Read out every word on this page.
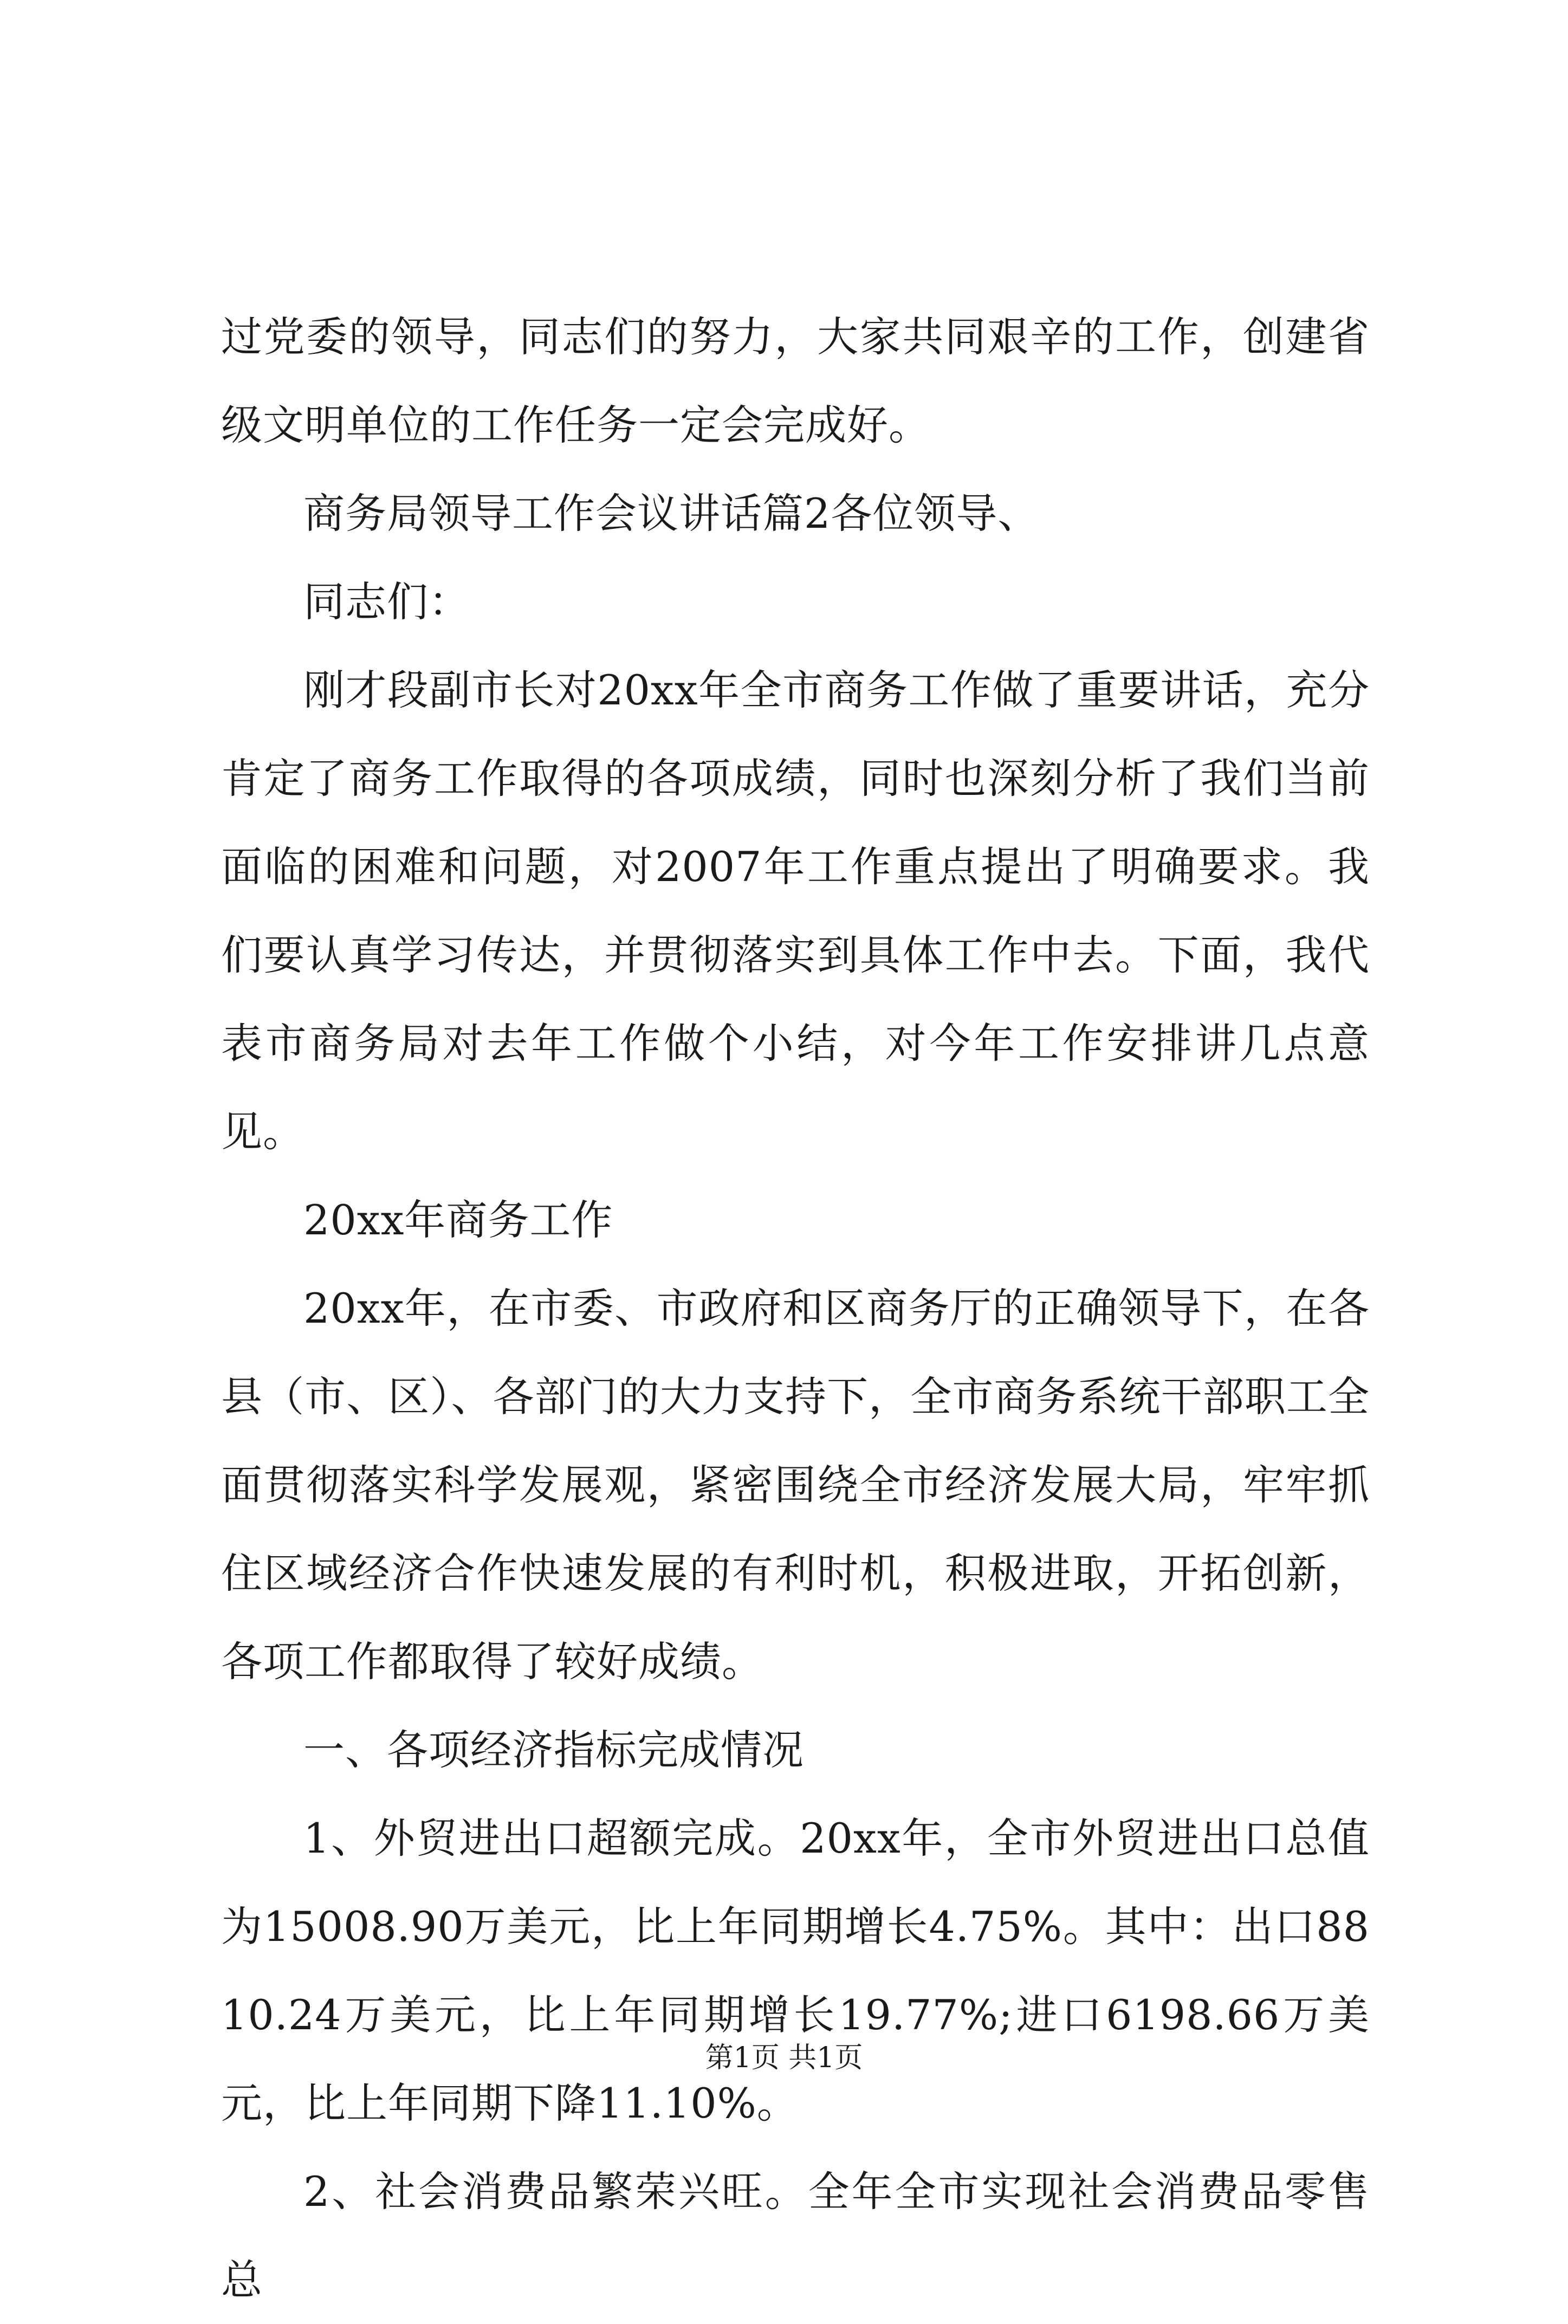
过党委的领导，同志们的努力，大家共同艰辛的工作，创建省级文明单位的工作任务一定会完成好。

商务局领导工作会议讲话篇2各位领导、

同志们：

刚才段副市长对20xx年全市商务工作做了重要讲话，充分肯定了商务工作取得的各项成绩，同时也深刻分析了我们当前面临的困难和问题，对2007年工作重点提出了明确要求。我们要认真学习传达，并贯彻落实到具体工作中去。下面，我代表市商务局对去年工作做个小结，对今年工作安排讲几点意见。

20xx年商务工作

20xx年，在市委、市政府和区商务厅的正确领导下，在各县（市、区）、各部门的大力支持下，全市商务系统干部职工全面贯彻落实科学发展观，紧密围绕全市经济发展大局，牢牢抓住区域经济合作快速发展的有利时机，积极进取，开拓创新，各项工作都取得了较好成绩。

一、各项经济指标完成情况

1、外贸进出口超额完成。20xx年，全市外贸进出口总值为15008.90万美元，比上年同期增长4.75%。其中：出口8810.24万美元，比上年同期增长19.77%;进口6198.66万美元，比上年同期下降11.10%。

2、社会消费品繁荣兴旺。全年全市实现社会消费品零售总

第1页 共1页
